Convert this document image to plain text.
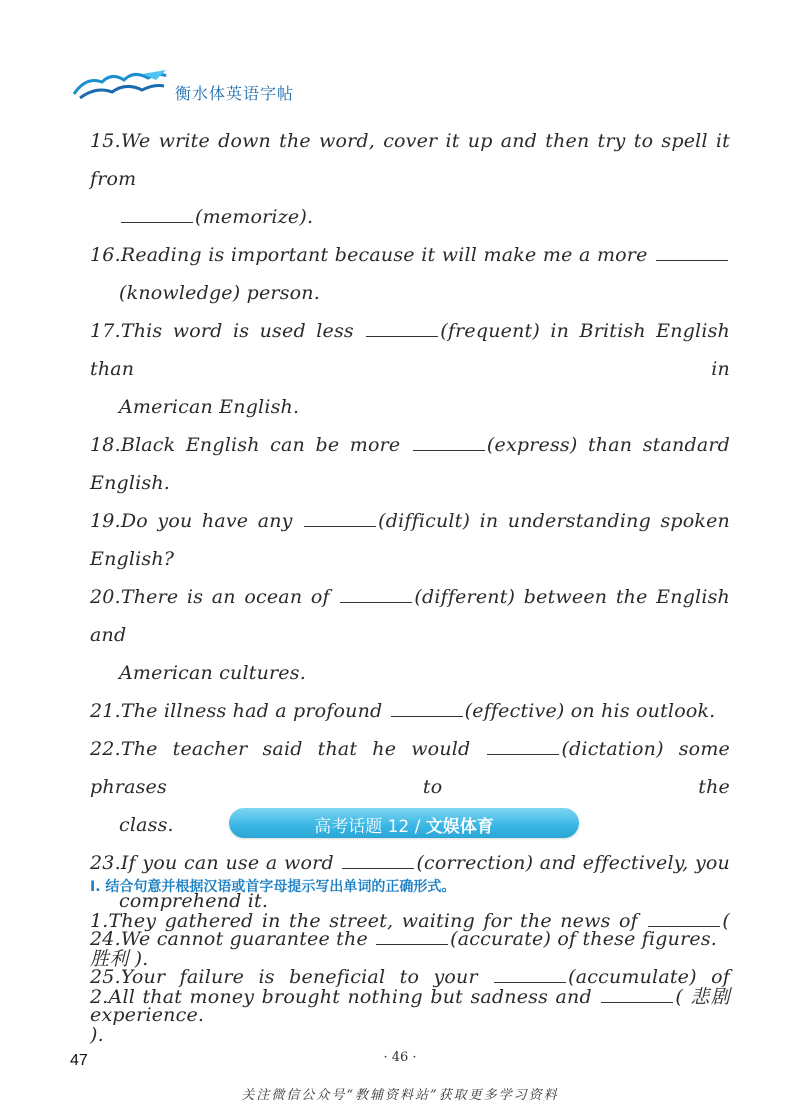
衡水体英语字帖
15.We write down the word, cover it up and then try to spell it from
(memorize).
16.Reading is important because it will make me a more
(knowledge) person.
17.This word is used less	(frequent) in British English than in
American English.
18.Black English can be more	(express) than standard English.
19.Do you have any	(difficult) in understanding spoken English?
20.There is an ocean of	(different) between the English and
American cultures.
21.The illness had a profound	(effective) on his outlook.
22.The teacher said that he would	(dictation) some phrases to the
class.
23.If you can use a word	(correction) and effectively, you
comprehend it.
24.We cannot guarantee the	(accurate) of these figures.
25.Your failure is beneficial to your	(accumulate) of experience.
高考话题 12 / 文娱体育
I. 结合句意并根据汉语或首字母提示写出单词的正确形式。
1.They gathered in the street, waiting for the news of	( 胜利 ).
2.All that money brought nothing but sadness and	( 悲剧 ).
47	· 46 ·
关注微信公众号“教辅资料站”获取更多学习资料
